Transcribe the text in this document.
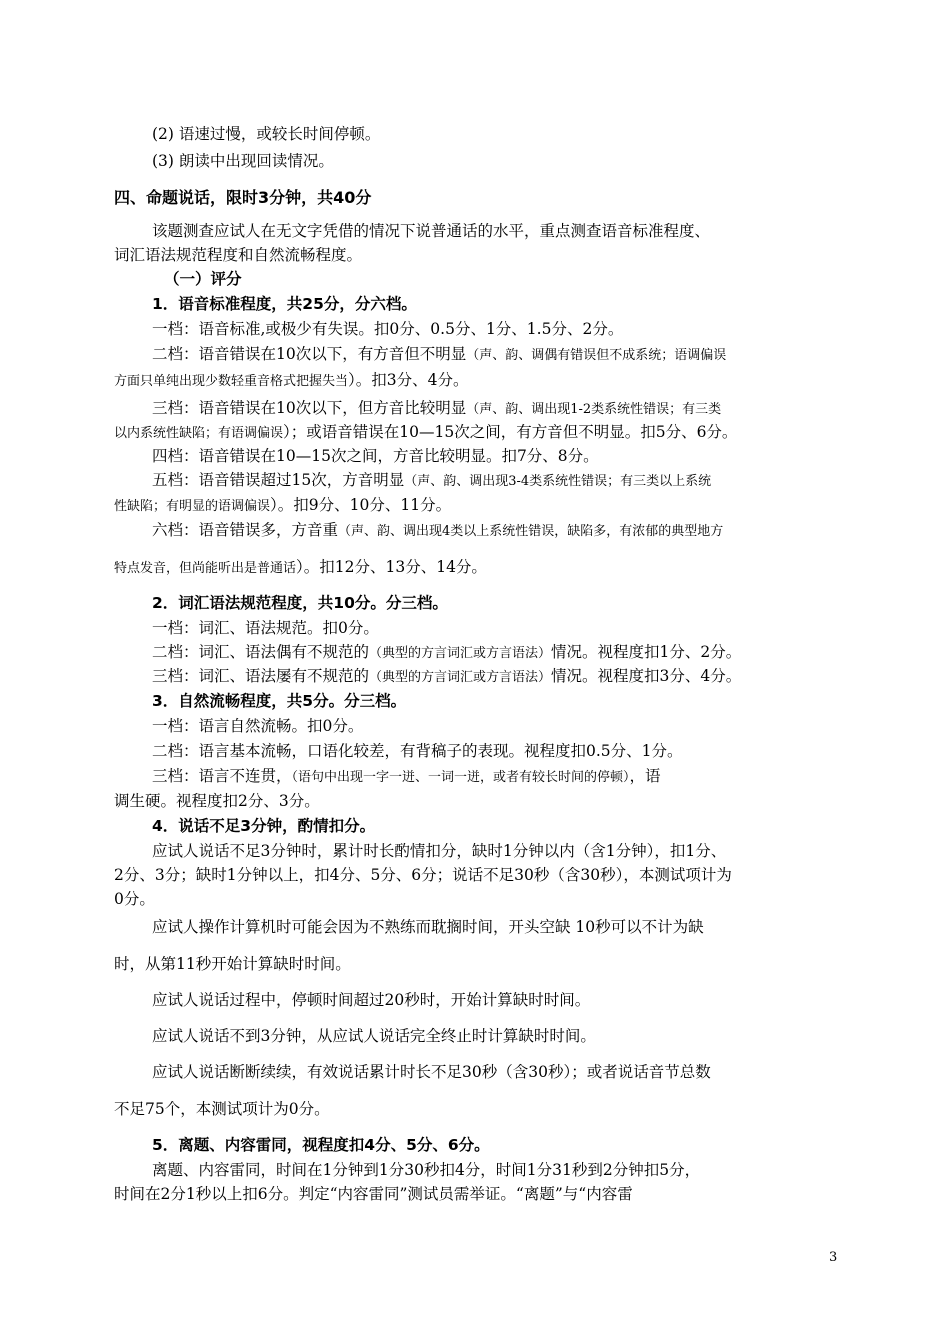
(2) 语速过慢，或较长时间停顿。
(3) 朗读中出现回读情况。
四、命题说话，限时3分钟，共40分
该题测查应试人在无文字凭借的情况下说普通话的水平，重点测查语音标准程度、
词汇语法规范程度和自然流畅程度。
（一）评分
1．语音标准程度，共25分，分六档。
一档：语音标准,或极少有失误。扣0分、0.5分、1分、1.5分、2分。
二档：语音错误在10次以下，有方音但不明显（声、韵、调偶有错误但不成系统；语调偏误
方面只单纯出现少数轻重音格式把握失当）。扣3分、4分。
三档：语音错误在10次以下，但方音比较明显（声、韵、调出现1-2类系统性错误；有三类
以内系统性缺陷；有语调偏误）；或语音错误在10—15次之间，有方音但不明显。扣5分、6分。
四档：语音错误在10—15次之间，方音比较明显。扣7分、8分。
五档：语音错误超过15次，方音明显（声、韵、调出现3-4类系统性错误；有三类以上系统
性缺陷；有明显的语调偏误）。扣9分、10分、11分。
六档：语音错误多，方音重（声、韵、调出现4类以上系统性错误，缺陷多，有浓郁的典型地方
特点发音，但尚能听出是普通话）。扣12分、13分、14分。
2．词汇语法规范程度，共10分。分三档。
一档：词汇、语法规范。扣0分。
二档：词汇、语法偶有不规范的（典型的方言词汇或方言语法）情况。视程度扣1分、2分。
三档：词汇、语法屡有不规范的（典型的方言词汇或方言语法）情况。视程度扣3分、4分。
3．自然流畅程度，共5分。分三档。
一档：语言自然流畅。扣0分。
二档：语言基本流畅，口语化较差，有背稿子的表现。视程度扣0.5分、1分。
三档：语言不连贯，（语句中出现一字一迸、一词一迸，或者有较长时间的停顿），语
调生硬。视程度扣2分、3分。
4．说话不足3分钟，酌情扣分。
应试人说话不足3分钟时，累计时长酌情扣分，缺时1分钟以内（含1分钟），扣1分、
2分、3分；缺时1分钟以上，扣4分、5分、6分；说话不足30秒（含30秒），本测试项计为
0分。
应试人操作计算机时可能会因为不熟练而耽搁时间，开头空缺 10秒可以不计为缺
时，从第11秒开始计算缺时时间。
应试人说话过程中，停顿时间超过20秒时，开始计算缺时时间。
应试人说话不到3分钟，从应试人说话完全终止时计算缺时时间。
应试人说话断断续续，有效说话累计时长不足30秒（含30秒）；或者说话音节总数
不足75个，本测试项计为0分。
5．离题、内容雷同，视程度扣4分、5分、6分。
离题、内容雷同，时间在1分钟到1分30秒扣4分，时间1分31秒到2分钟扣5分，
时间在2分1秒以上扣6分。判定“内容雷同”测试员需举证。“离题”与“内容雷
3
